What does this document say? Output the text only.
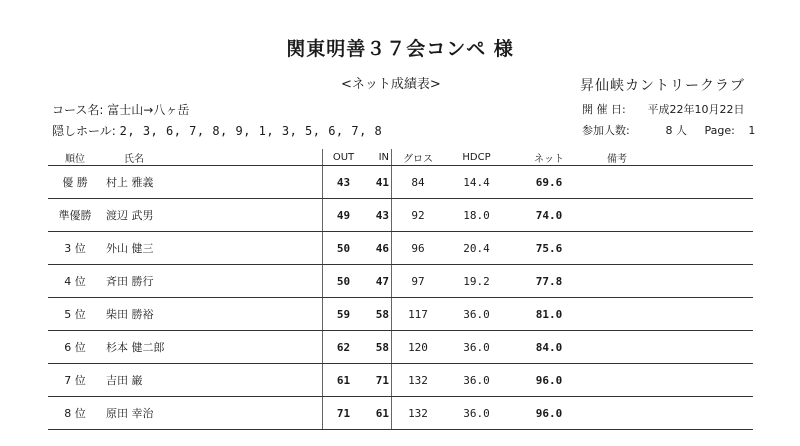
関東明善３７会コンペ 様
<ネット成績表>	昇仙峡カントリークラブ
コース名: 富士山→八ヶ岳
隠しホール: 2, 3, 6, 7, 8, 9, 1, 3, 5, 6, 7, 8
開 催 日: 平成22年10月22日
参加人数:	8 人 Page: 1
順位	氏名	OUT	IN	グロス	HDCP	ネット	備考
優 勝	村上 雅義	43	41	84	14.4	69.6	
準優勝	渡辺 武男	49	43	92	18.0	74.0	
3 位	外山 健三	50	46	96	20.4	75.6	
4 位	斉田 勝行	50	47	97	19.2	77.8	
5 位	柴田 勝裕	59	58	117	36.0	81.0	
6 位	杉本 健二郎	62	58	120	36.0	84.0	
7 位	吉田 巌	61	71	132	36.0	96.0	
8 位	原田 幸治	71	61	132	36.0	96.0	
